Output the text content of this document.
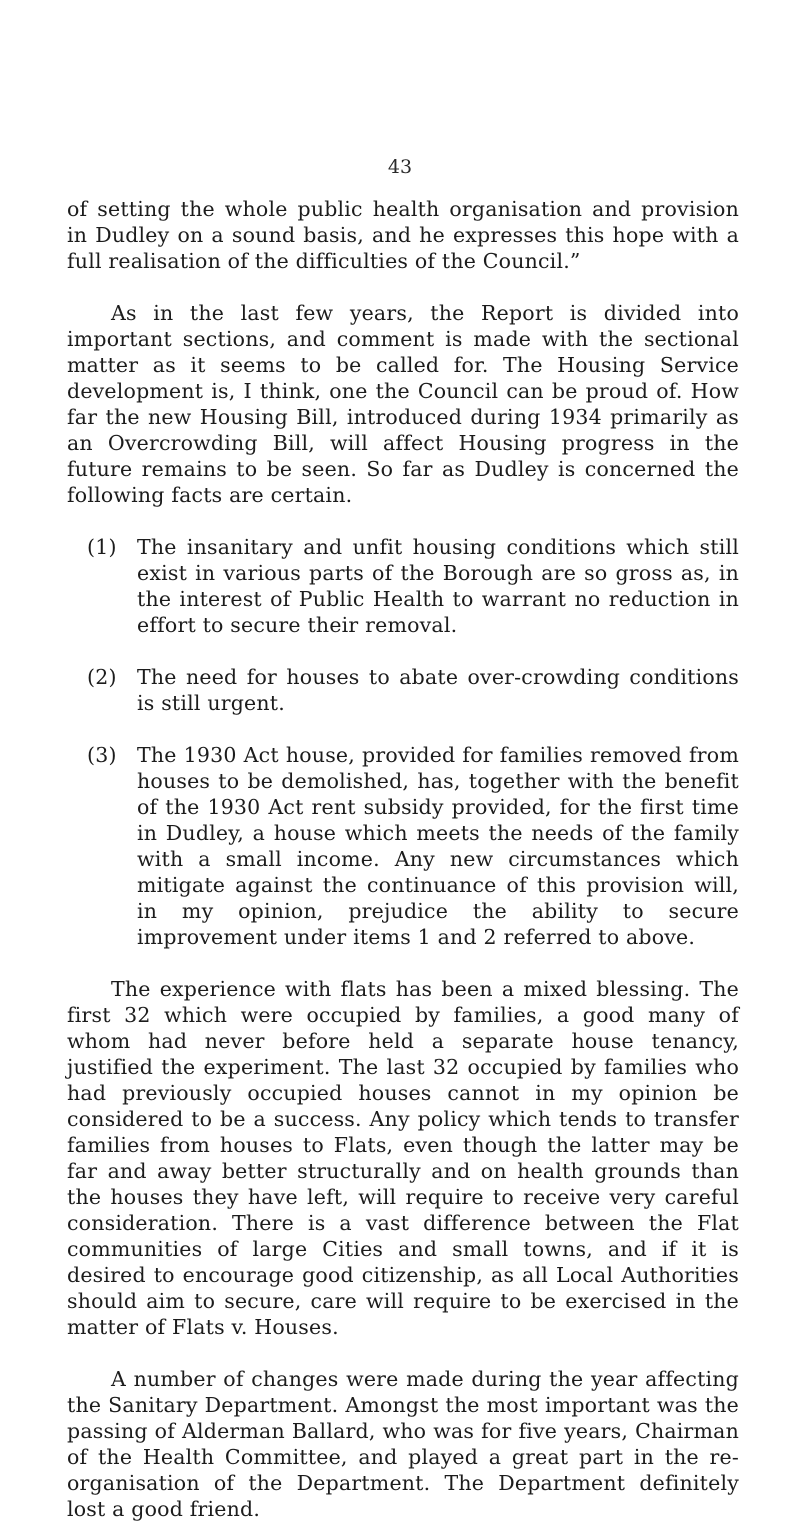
43

of setting the whole public health organisation and provision in Dudley on a sound basis, and he expresses this hope with a full realisation of the difficulties of the Council.”

As in the last few years, the Report is divided into important sections, and comment is made with the sectional matter as it seems to be called for. The Housing Service development is, I think, one the Council can be proud of. How far the new Housing Bill, introduced during 1934 primarily as an Overcrowding Bill, will affect Housing progress in the future remains to be seen. So far as Dudley is concerned the following facts are certain.

(1) The insanitary and unfit housing conditions which still exist in various parts of the Borough are so gross as, in the interest of Public Health to warrant no reduction in effort to secure their removal.
(2) The need for houses to abate over-crowding conditions is still urgent.
(3) The 1930 Act house, provided for families removed from houses to be demolished, has, together with the benefit of the 1930 Act rent subsidy provided, for the first time in Dudley, a house which meets the needs of the family with a small income. Any new circumstances which mitigate against the continuance of this provision will, in my opinion, prejudice the ability to secure improvement under items 1 and 2 referred to above.

The experience with flats has been a mixed blessing. The first 32 which were occupied by families, a good many of whom had never before held a separate house tenancy, justified the experiment. The last 32 occupied by families who had previously occupied houses cannot in my opinion be considered to be a success. Any policy which tends to transfer families from houses to Flats, even though the latter may be far and away better structurally and on health grounds than the houses they have left, will require to receive very careful consideration. There is a vast difference between the Flat communities of large Cities and small towns, and if it is desired to encourage good citizenship, as all Local Authorities should aim to secure, care will require to be exercised in the matter of Flats v. Houses.

A number of changes were made during the year affecting the Sanitary Department. Amongst the most important was the passing of Alderman Ballard, who was for five years, Chairman of the Health Committee, and played a great part in the re-organisation of the Department. The Department definitely lost a good friend.
